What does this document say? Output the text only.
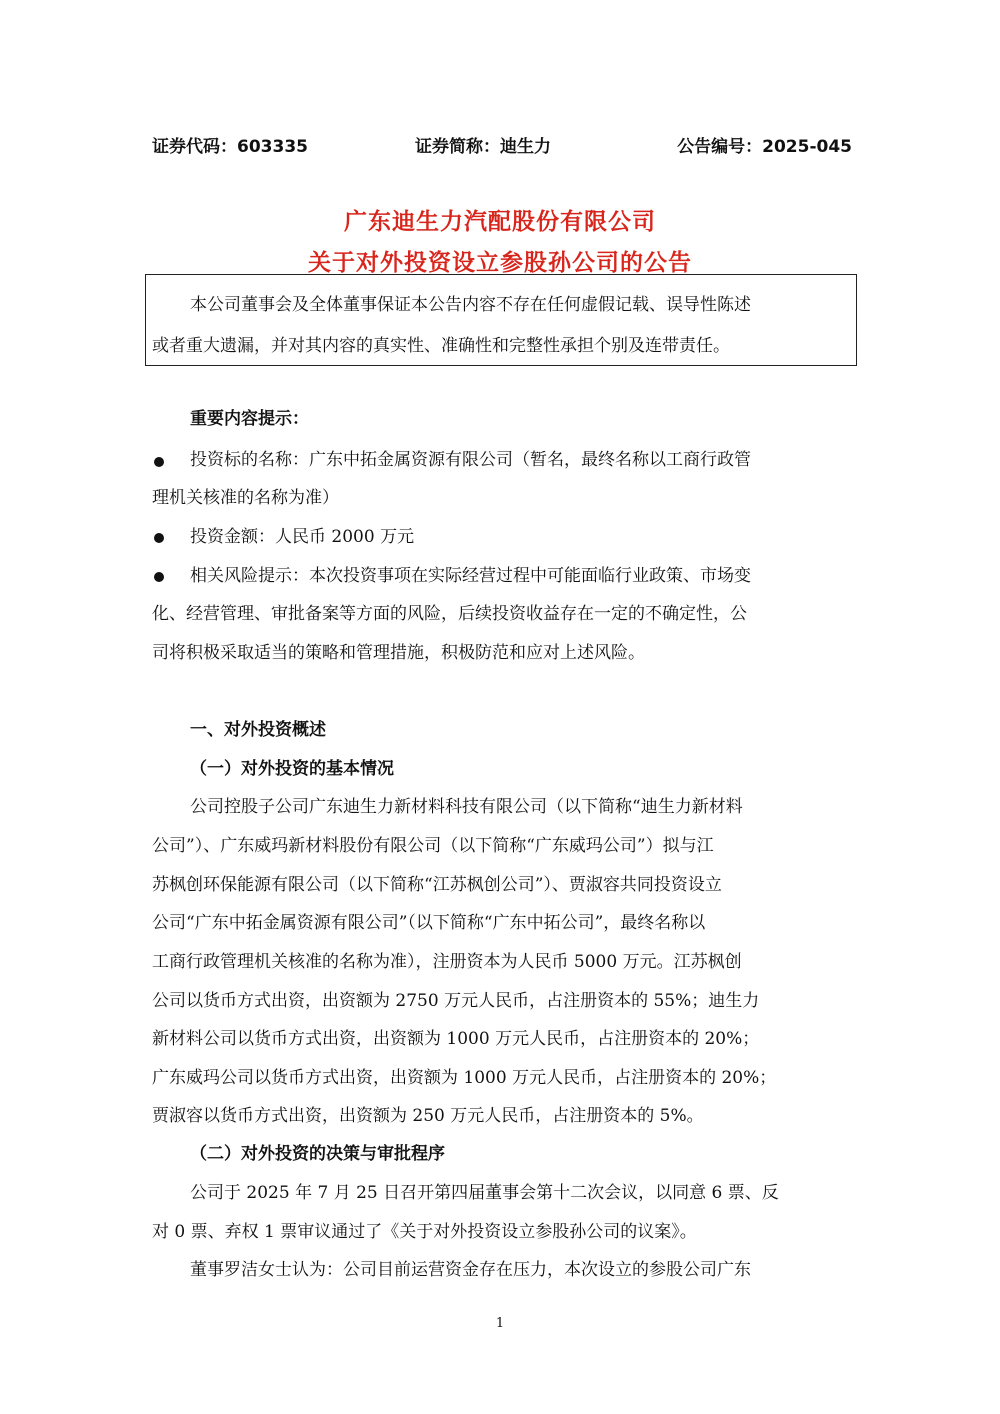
证券代码：603335	证券简称：迪生力	公告编号：2025-045
广东迪生力汽配股份有限公司
关于对外投资设立参股孙公司的公告
本公司董事会及全体董事保证本公告内容不存在任何虚假记载、误导性陈述
或者重大遗漏，并对其内容的真实性、准确性和完整性承担个别及连带责任。
重要内容提示：
投资标的名称：广东中拓金属资源有限公司（暂名，最终名称以工商行政管
理机关核准的名称为准）
投资金额：人民币 2000 万元
相关风险提示：本次投资事项在实际经营过程中可能面临行业政策、市场变
化、经营管理、审批备案等方面的风险，后续投资收益存在一定的不确定性，公
司将积极采取适当的策略和管理措施，积极防范和应对上述风险。
一、对外投资概述
（一）对外投资的基本情况
公司控股子公司广东迪生力新材料科技有限公司（以下简称“迪生力新材料
公司”）、广东威玛新材料股份有限公司（以下简称“广东威玛公司”）拟与江
苏枫创环保能源有限公司（以下简称“江苏枫创公司”）、贾淑容共同投资设立
公司“广东中拓金属资源有限公司”（以下简称“广东中拓公司”，最终名称以
工商行政管理机关核准的名称为准），注册资本为人民币 5000 万元。江苏枫创
公司以货币方式出资，出资额为 2750 万元人民币，占注册资本的 55%；迪生力
新材料公司以货币方式出资，出资额为 1000 万元人民币，占注册资本的 20%；
广东威玛公司以货币方式出资，出资额为 1000 万元人民币，占注册资本的 20%；
贾淑容以货币方式出资，出资额为 250 万元人民币，占注册资本的 5%。
（二）对外投资的决策与审批程序
公司于 2025 年 7 月 25 日召开第四届董事会第十二次会议，以同意 6 票、反
对 0 票、弃权 1 票审议通过了《关于对外投资设立参股孙公司的议案》。
董事罗洁女士认为：公司目前运营资金存在压力，本次设立的参股公司广东
1
